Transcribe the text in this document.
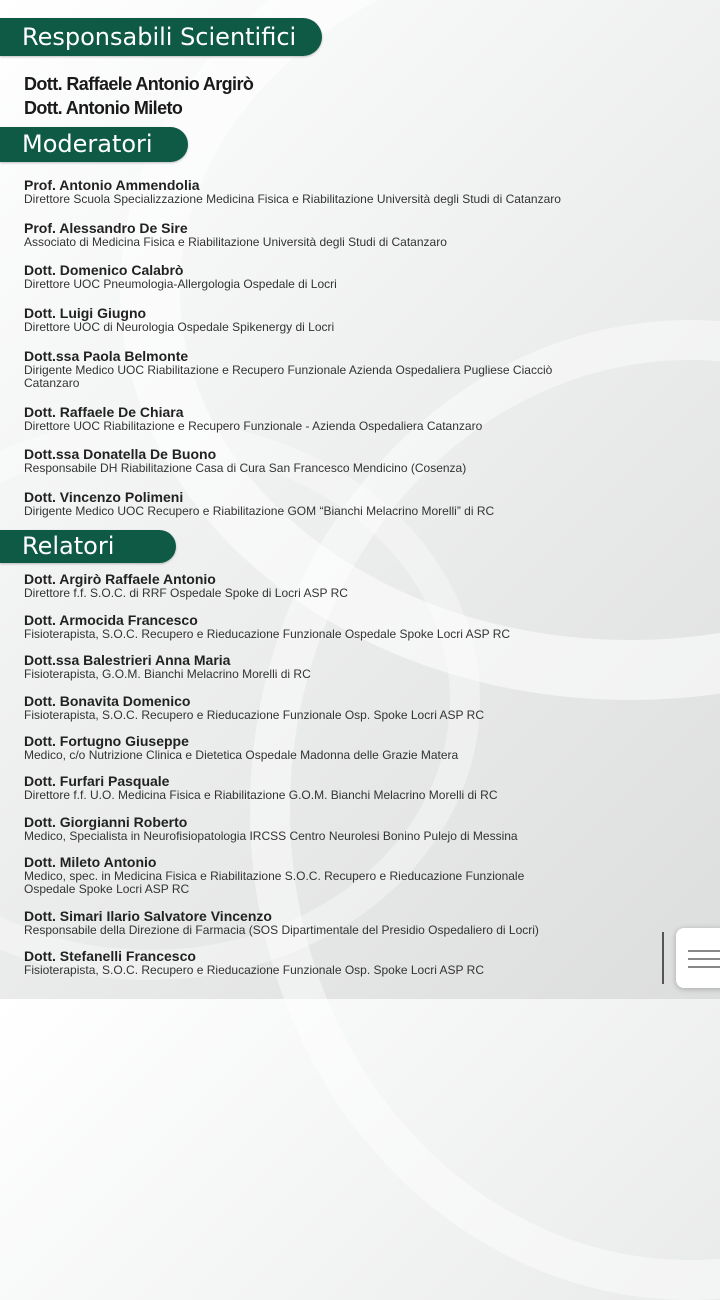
Responsabili Scientifici
Dott. Raffaele Antonio Argirò
Dott. Antonio Mileto
Moderatori
Prof. Antonio Ammendolia
Direttore Scuola Specializzazione Medicina Fisica e Riabilitazione Università degli Studi di Catanzaro
Prof. Alessandro De Sire
Associato di Medicina Fisica e Riabilitazione Università degli Studi di Catanzaro
Dott. Domenico Calabrò
Direttore UOC Pneumologia-Allergologia Ospedale di Locri
Dott. Luigi Giugno
Direttore UOC di Neurologia Ospedale Spikenergy di Locri
Dott.ssa Paola Belmonte
Dirigente Medico UOC Riabilitazione e Recupero Funzionale Azienda Ospedaliera Pugliese Ciacciò
Catanzaro
Dott. Raffaele De Chiara
Direttore UOC Riabilitazione e Recupero Funzionale - Azienda Ospedaliera Catanzaro
Dott.ssa Donatella De Buono
Responsabile DH Riabilitazione Casa di Cura San Francesco Mendicino (Cosenza)
Dott. Vincenzo Polimeni
Dirigente Medico UOC Recupero e Riabilitazione GOM “Bianchi Melacrino Morelli” di RC
Relatori
Dott. Argirò Raffaele Antonio
Direttore f.f. S.O.C. di RRF Ospedale Spoke di Locri ASP RC
Dott. Armocida Francesco
Fisioterapista, S.O.C. Recupero e Rieducazione Funzionale Ospedale Spoke Locri ASP RC
Dott.ssa Balestrieri Anna Maria
Fisioterapista, G.O.M. Bianchi Melacrino Morelli di RC
Dott. Bonavita Domenico
Fisioterapista, S.O.C. Recupero e Rieducazione Funzionale Osp. Spoke Locri ASP RC
Dott. Fortugno Giuseppe
Medico, c/o Nutrizione Clinica e Dietetica Ospedale Madonna delle Grazie Matera
Dott. Furfari Pasquale
Direttore f.f. U.O. Medicina Fisica e Riabilitazione G.O.M. Bianchi Melacrino Morelli di RC
Dott. Giorgianni Roberto
Medico, Specialista in Neurofisiopatologia IRCSS Centro Neurolesi Bonino Pulejo di Messina
Dott. Mileto Antonio
Medico, spec. in Medicina Fisica e Riabilitazione S.O.C. Recupero e Rieducazione Funzionale
Ospedale Spoke Locri ASP RC
Dott. Simari Ilario Salvatore Vincenzo
Responsabile della Direzione di Farmacia (SOS Dipartimentale del Presidio Ospedaliero di Locri)
Dott. Stefanelli Francesco
Fisioterapista, S.O.C. Recupero e Rieducazione Funzionale Osp. Spoke Locri ASP RC
